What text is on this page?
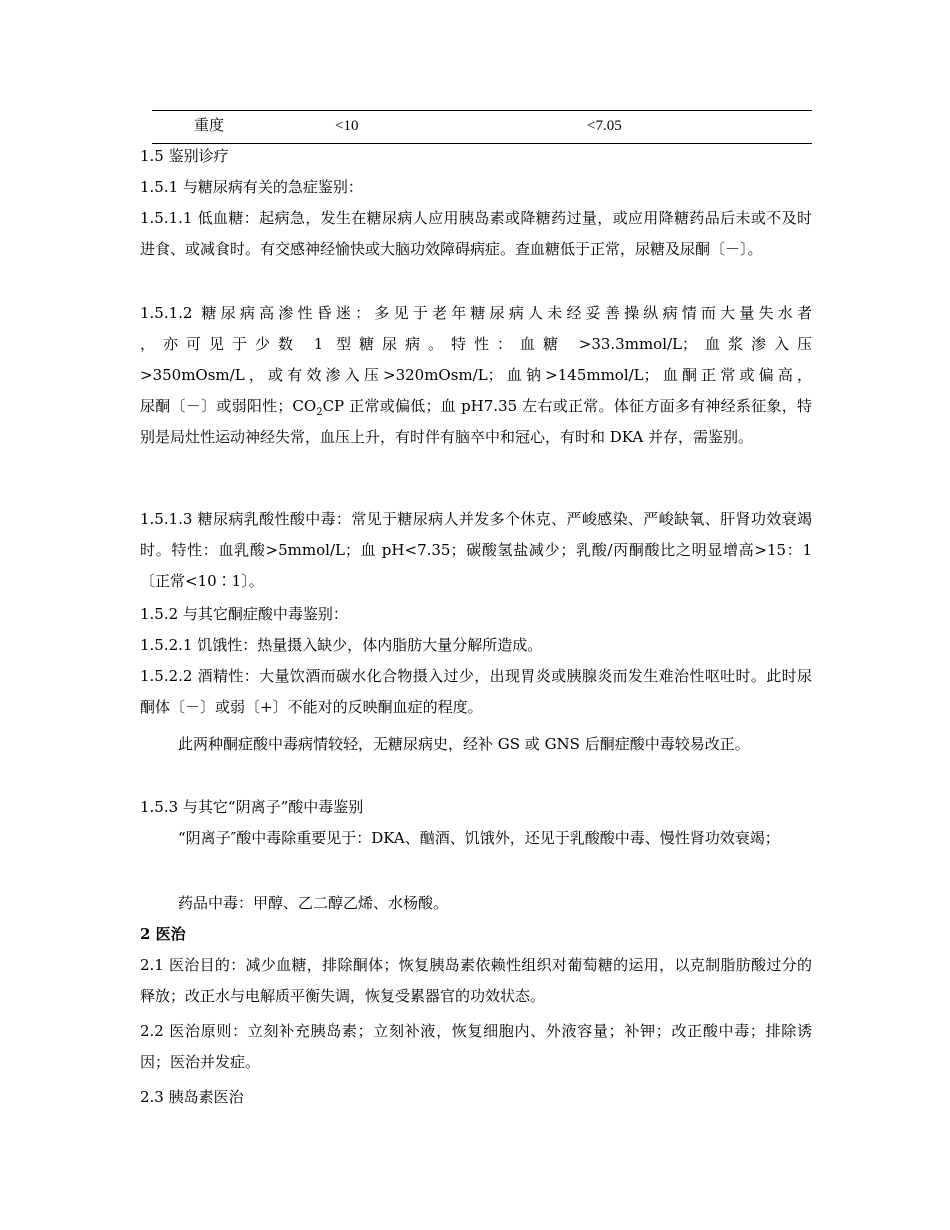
重度	<10	<7.05

1.5 鉴别诊疗

1.5.1 与糖尿病有关的急症鉴别：

1.5.1.1 低血糖：起病急，发生在糖尿病人应用胰岛素或降糖药过量，或应用降糖药品后未或不及时进食、或减食时。有交感神经愉快或大脑功效障碍病症。查血糖低于正常，尿糖及尿酮〔－〕。

1.5.1.2 糖尿病高渗性昏迷：多见于老年糖尿病人未经妥善操纵病情而大量失水者
，亦可见于少数 1 型糖尿病。特性：血糖 >33.3mmol/L；血浆渗入压
>350mOsm/L，或有效渗入压>320mOsm/L；血钠>145mmol/L；血酮正常或偏高，
尿酮〔－〕或弱阳性；$CO_2CP$ 正常或偏低；血 pH7.35 左右或正常。体征方面多有神经系征象，特别是局灶性运动神经失常，血压上升，有时伴有脑卒中和冠心，有时和 DKA 并存，需鉴别。

1.5.1.3 糖尿病乳酸性酸中毒：常见于糖尿病人并发多个休克、严峻感染、严峻缺氧、肝肾功效衰竭时。特性：血乳酸>5mmol/L；血 pH<7.35；碳酸氢盐减少；乳酸/丙酮酸比之明显增高>15：1〔正常<10∶1〕。

1.5.2 与其它酮症酸中毒鉴别：

1.5.2.1 饥饿性：热量摄入缺少，体内脂肪大量分解所造成。

1.5.2.2 酒精性：大量饮酒而碳水化合物摄入过少，出现胃炎或胰腺炎而发生难治性呕吐时。此时尿酮体〔－〕或弱〔+〕不能对的反映酮血症的程度。

此两种酮症酸中毒病情较轻，无糖尿病史，经补 GS 或 GNS 后酮症酸中毒较易改正。

1.5.3 与其它“阴离子”酸中毒鉴别

“阴离子″酸中毒除重要见于：DKA、酗酒、饥饿外，还见于乳酸酸中毒、慢性肾功效衰竭；

药品中毒：甲醇、乙二醇乙烯、水杨酸。

2 医治

2.1 医治目的：减少血糖，排除酮体；恢复胰岛素依赖性组织对葡萄糖的运用，以克制脂肪酸过分的释放；改正水与电解质平衡失调，恢复受累器官的功效状态。

2.2 医治原则：立刻补充胰岛素；立刻补液，恢复细胞内、外液容量；补钾；改正酸中毒；排除诱因；医治并发症。

2.3 胰岛素医治
